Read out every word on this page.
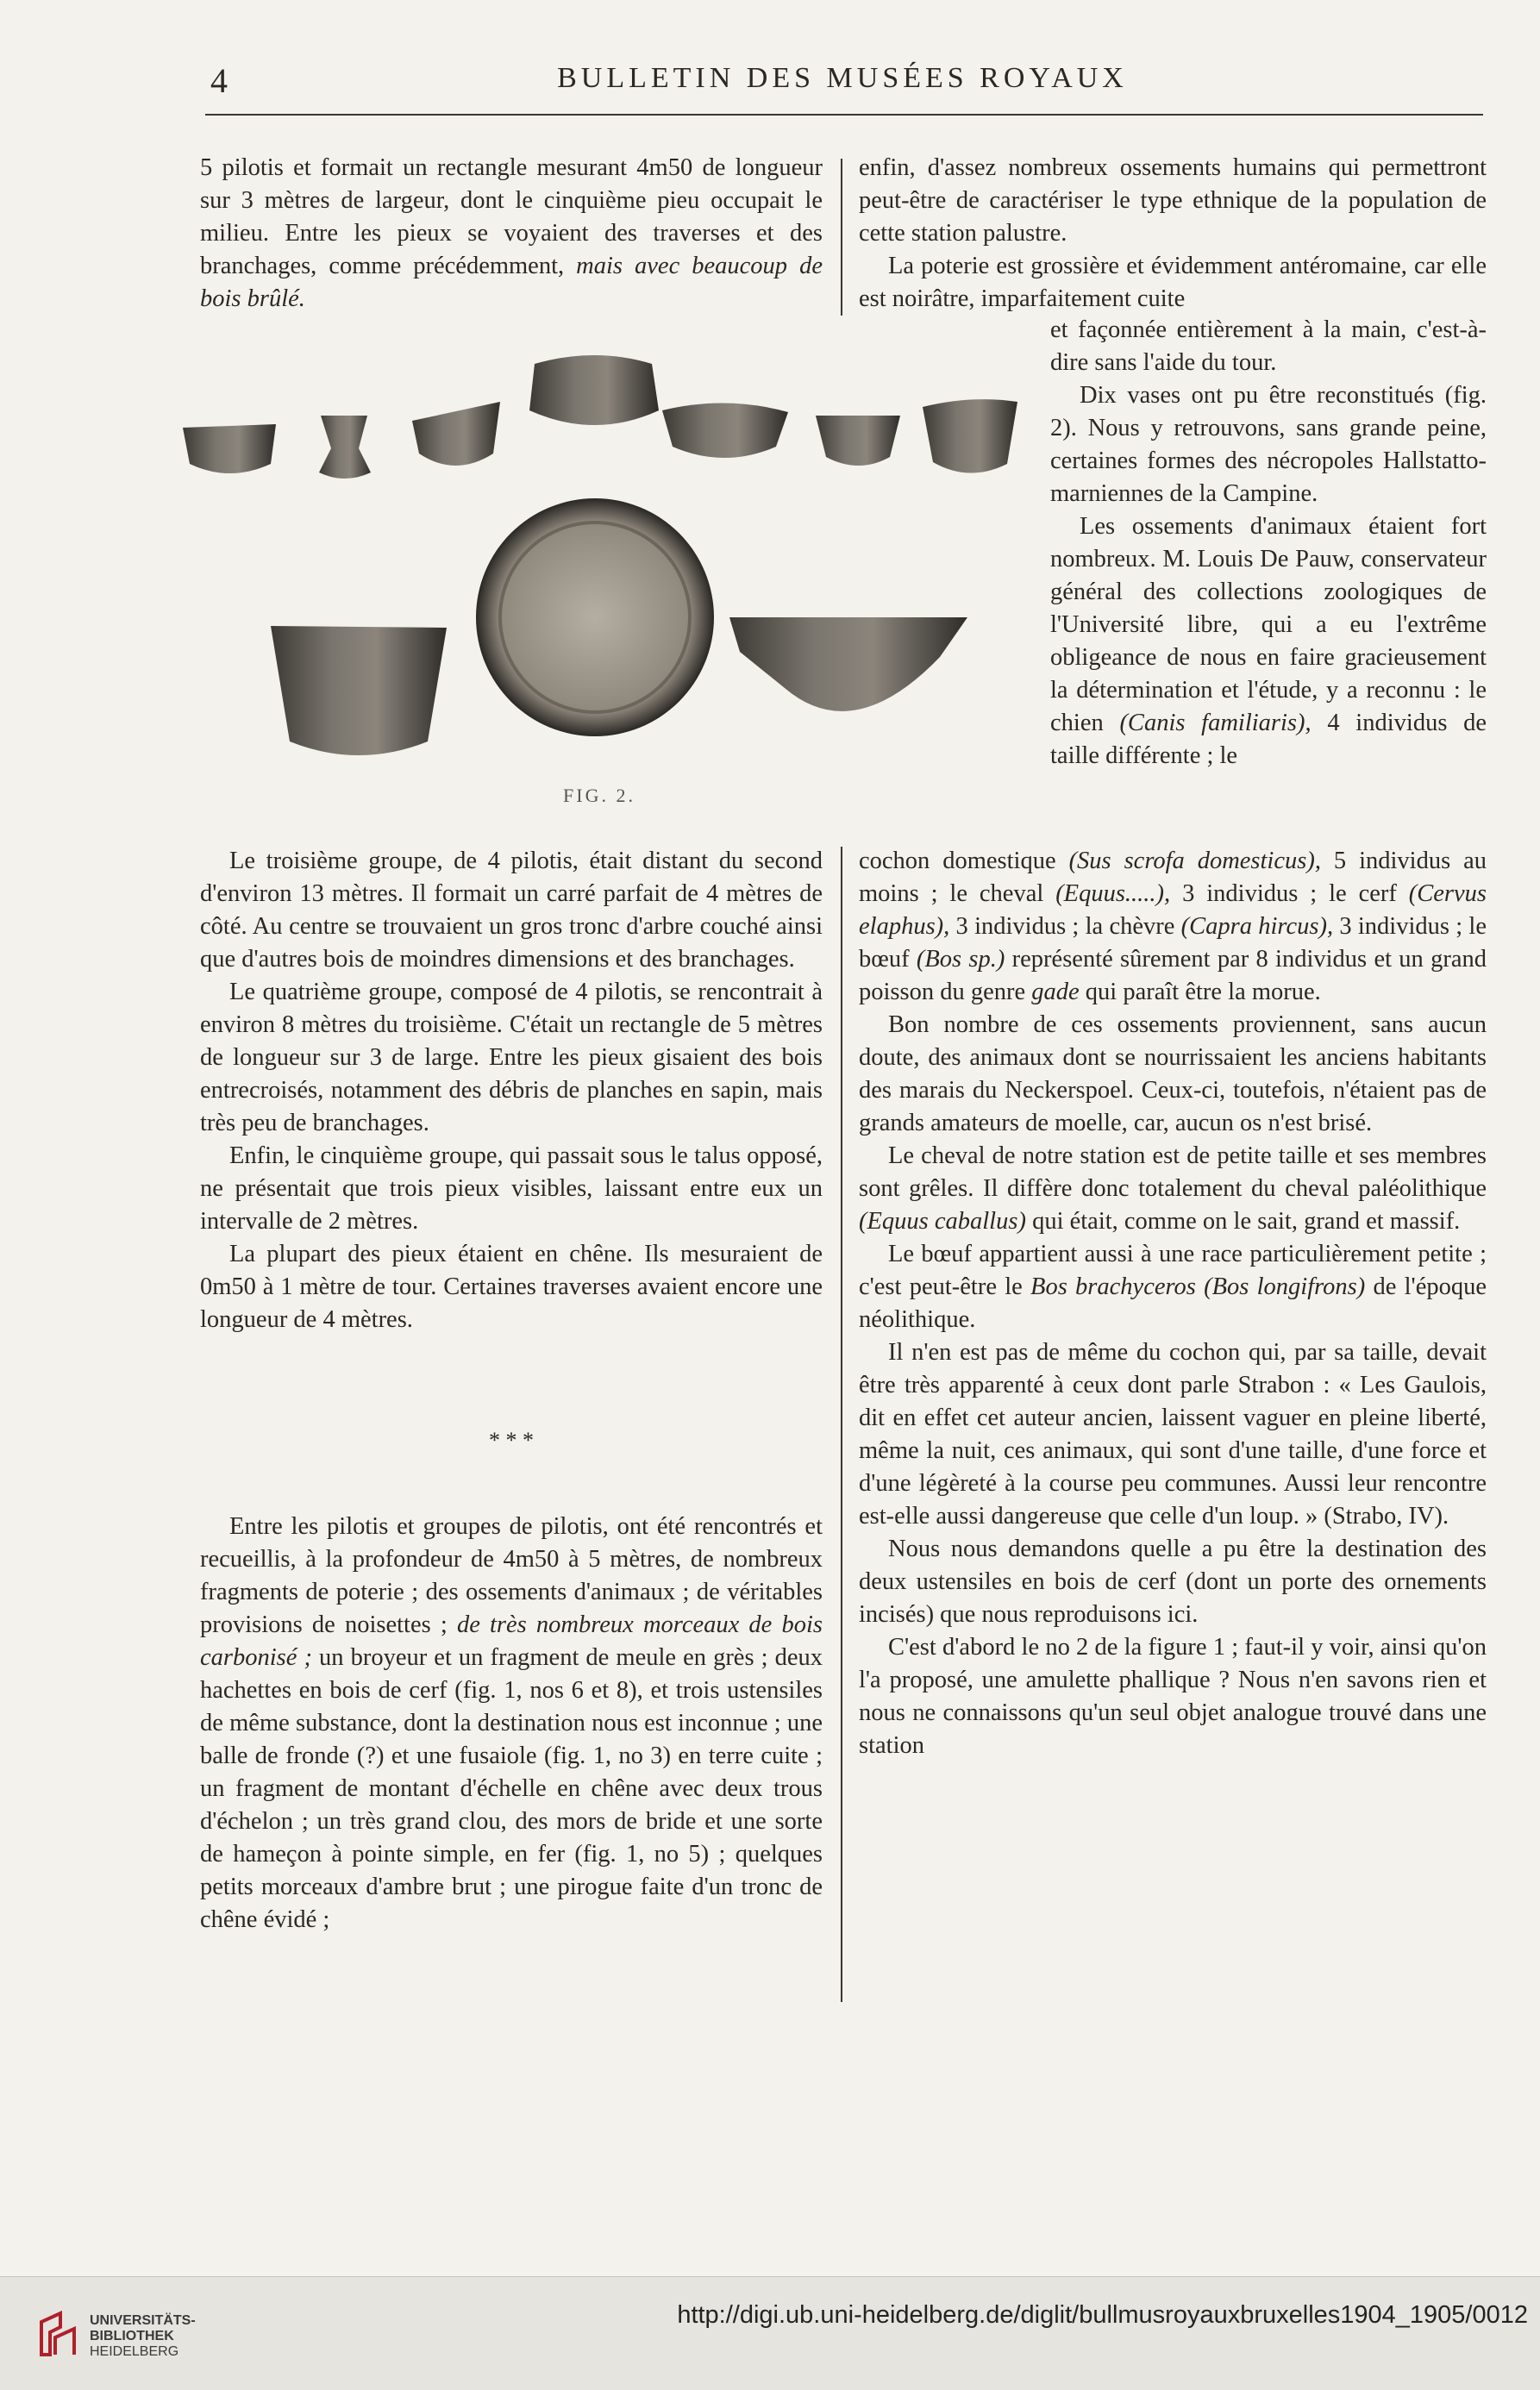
4	BULLETIN DES MUSÉES ROYAUX

5 pilotis et formait un rectangle mesurant 4m50 de longueur sur 3 mètres de largeur, dont le cinquième pieu occupait le milieu. Entre les pieux se voyaient des traverses et des branchages, comme précédemment, mais avec beaucoup de bois brûlé.

enfin, d'assez nombreux ossements humains qui permettront peut-être de caractériser le type ethnique de la population de cette station palustre.

La poterie est grossière et évidemment antéromaine, car elle est noirâtre, imparfaitement cuite

FIG. 2.

et façonnée entièrement à la main, c'est-à-dire sans l'aide du tour.

Dix vases ont pu être reconstitués (fig. 2). Nous y retrouvons, sans grande peine, certaines formes des nécropoles Hallstatto-marniennes de la Campine.

Les ossements d'animaux étaient fort nombreux. M. Louis De Pauw, conservateur général des collections zoologiques de l'Université libre, qui a eu l'extrême obligeance de nous en faire gracieusement la détermination et l'étude, y a reconnu : le chien (Canis familiaris), 4 individus de taille différente ; le

Le troisième groupe, de 4 pilotis, était distant du second d'environ 13 mètres. Il formait un carré parfait de 4 mètres de côté. Au centre se trouvaient un gros tronc d'arbre couché ainsi que d'autres bois de moindres dimensions et des branchages.

Le quatrième groupe, composé de 4 pilotis, se rencontrait à environ 8 mètres du troisième. C'était un rectangle de 5 mètres de longueur sur 3 de large. Entre les pieux gisaient des bois entrecroisés, notamment des débris de planches en sapin, mais très peu de branchages.

Enfin, le cinquième groupe, qui passait sous le talus opposé, ne présentait que trois pieux visibles, laissant entre eux un intervalle de 2 mètres.

La plupart des pieux étaient en chêne. Ils mesuraient de 0m50 à 1 mètre de tour. Certaines traverses avaient encore une longueur de 4 mètres.

* * *

Entre les pilotis et groupes de pilotis, ont été rencontrés et recueillis, à la profondeur de 4m50 à 5 mètres, de nombreux fragments de poterie ; des ossements d'animaux ; de véritables provisions de noisettes ; de très nombreux morceaux de bois carbonisé ; un broyeur et un fragment de meule en grès ; deux hachettes en bois de cerf (fig. 1, nos 6 et 8), et trois ustensiles de même substance, dont la destination nous est inconnue ; une balle de fronde (?) et une fusaiole (fig. 1, no 3) en terre cuite ; un fragment de montant d'échelle en chêne avec deux trous d'échelon ; un très grand clou, des mors de bride et une sorte de hameçon à pointe simple, en fer (fig. 1, no 5) ; quelques petits morceaux d'ambre brut ; une pirogue faite d'un tronc de chêne évidé ;

cochon domestique (Sus scrofa domesticus), 5 individus au moins ; le cheval (Equus.....), 3 individus ; le cerf (Cervus elaphus), 3 individus ; la chèvre (Capra hircus), 3 individus ; le bœuf (Bos sp.) représenté sûrement par 8 individus et un grand poisson du genre gade qui paraît être la morue.

Bon nombre de ces ossements proviennent, sans aucun doute, des animaux dont se nourrissaient les anciens habitants des marais du Neckerspoel. Ceux-ci, toutefois, n'étaient pas de grands amateurs de moelle, car, aucun os n'est brisé.

Le cheval de notre station est de petite taille et ses membres sont grêles. Il diffère donc totalement du cheval paléolithique (Equus caballus) qui était, comme on le sait, grand et massif.

Le bœuf appartient aussi à une race particulièrement petite ; c'est peut-être le Bos brachyceros (Bos longifrons) de l'époque néolithique.

Il n'en est pas de même du cochon qui, par sa taille, devait être très apparenté à ceux dont parle Strabon : « Les Gaulois, dit en effet cet auteur ancien, laissent vaguer en pleine liberté, même la nuit, ces animaux, qui sont d'une taille, d'une force et d'une légèreté à la course peu communes. Aussi leur rencontre est-elle aussi dangereuse que celle d'un loup. » (Strabo, IV).

Nous nous demandons quelle a pu être la destination des deux ustensiles en bois de cerf (dont un porte des ornements incisés) que nous reproduisons ici.

C'est d'abord le no 2 de la figure 1 ; faut-il y voir, ainsi qu'on l'a proposé, une amulette phallique ? Nous n'en savons rien et nous ne connaissons qu'un seul objet analogue trouvé dans une station

UNIVERSITÄTS-
BIBLIOTHEK
HEIDELBERG
http://digi.ub.uni-heidelberg.de/diglit/bullmusroyauxbruxelles1904_1905/0012
